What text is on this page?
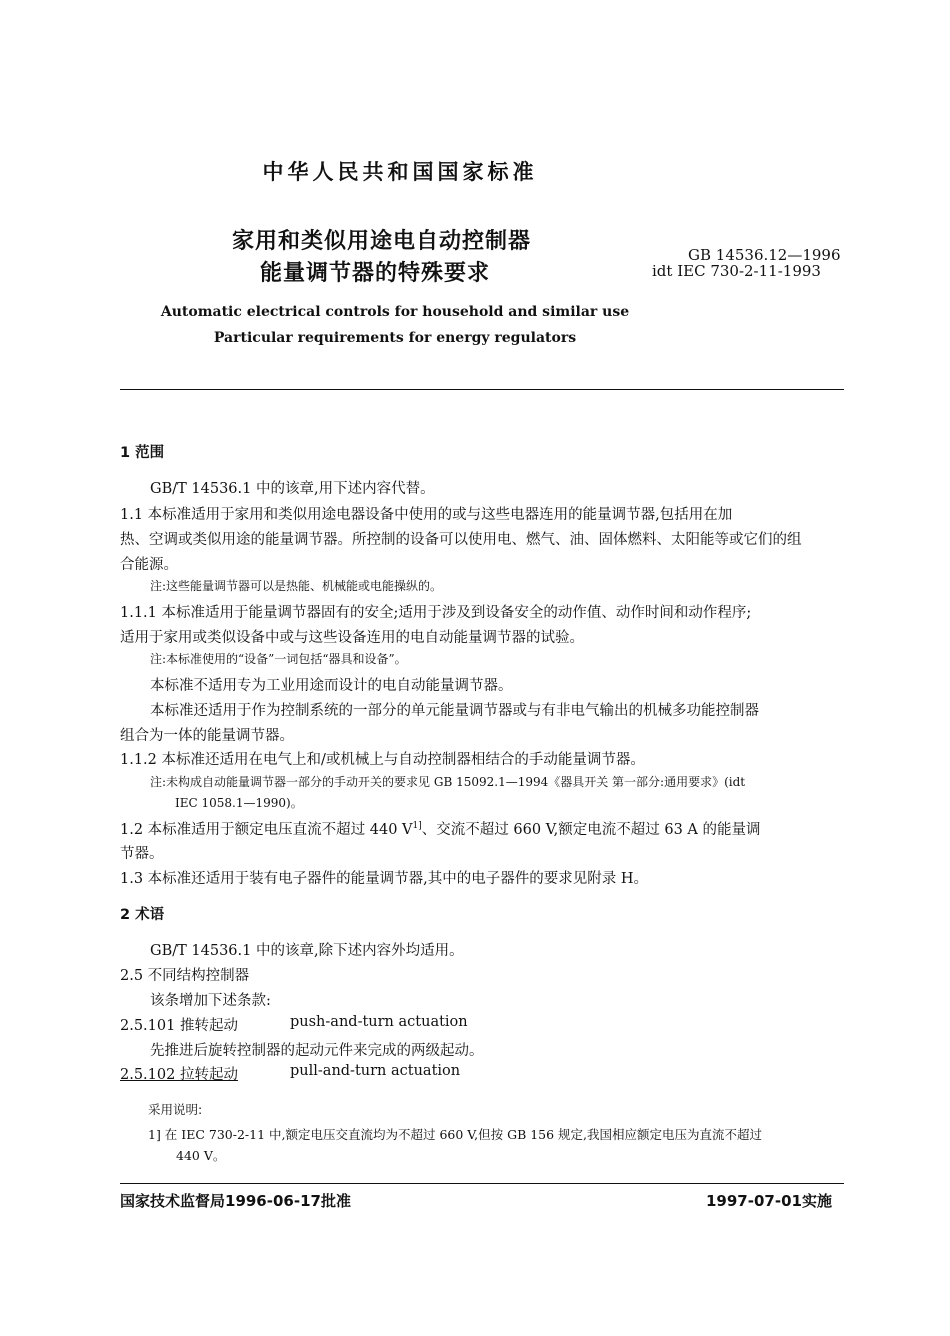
中华人民共和国国家标准
家用和类似用途电自动控制器
能量调节器的特殊要求
GB 14536.12—1996
idt IEC 730-2-11-1993
Automatic electrical controls for household and similar use
Particular requirements for energy regulators
1 范围
GB/T 14536.1 中的该章,用下述内容代替。
1.1 本标准适用于家用和类似用途电器设备中使用的或与这些电器连用的能量调节器,包括用在加
热、空调或类似用途的能量调节器。所控制的设备可以使用电、燃气、油、固体燃料、太阳能等或它们的组
合能源。
注:这些能量调节器可以是热能、机械能或电能操纵的。
1.1.1 本标准适用于能量调节器固有的安全;适用于涉及到设备安全的动作值、动作时间和动作程序;
适用于家用或类似设备中或与这些设备连用的电自动能量调节器的试验。
注:本标准使用的“设备”一词包括“器具和设备”。
本标准不适用专为工业用途而设计的电自动能量调节器。
本标准还适用于作为控制系统的一部分的单元能量调节器或与有非电气输出的机械多功能控制器
组合为一体的能量调节器。
1.1.2 本标准还适用在电气上和/或机械上与自动控制器相结合的手动能量调节器。
注:未构成自动能量调节器一部分的手动开关的要求见 GB 15092.1—1994《器具开关 第一部分:通用要求》(idt
IEC 1058.1—1990)。
1.2 本标准适用于额定电压直流不超过 440 $V^{1]}$、交流不超过 660 V,额定电流不超过 63 A 的能量调
节器。
1.3 本标准还适用于装有电子器件的能量调节器,其中的电子器件的要求见附录 H。
2 术语
GB/T 14536.1 中的该章,除下述内容外均适用。
2.5 不同结构控制器
该条增加下述条款:
2.5.101 推转起动	push-and-turn actuation
先推进后旋转控制器的起动元件来完成的两级起动。
2.5.102 拉转起动	pull-and-turn actuation
采用说明:
1] 在 IEC 730-2-11 中,额定电压交直流均为不超过 660 V,但按 GB 156 规定,我国相应额定电压为直流不超过
440 V。
国家技术监督局1996-06-17批准	1997-07-01实施
